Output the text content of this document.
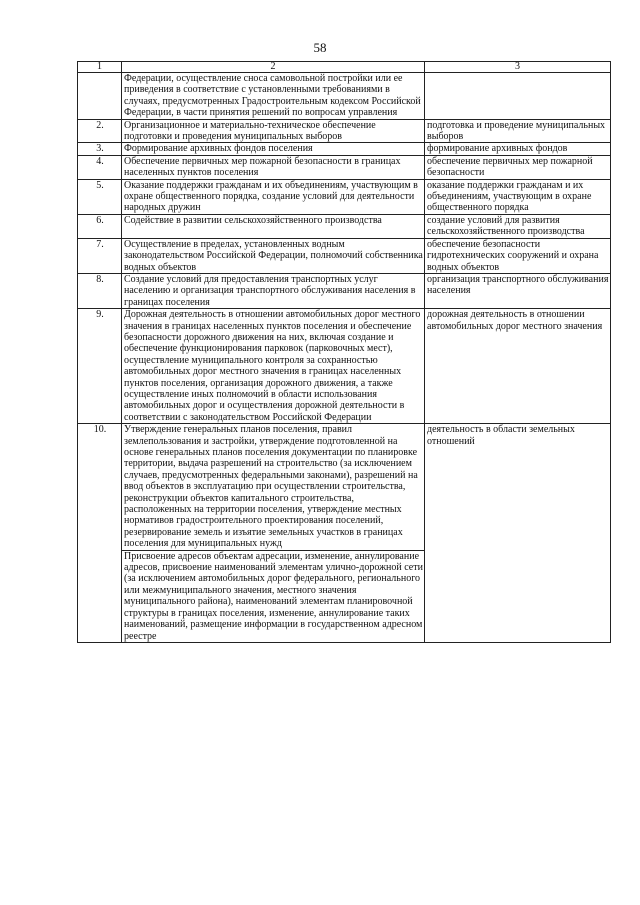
58
1	2	3
	Федерации, осуществление сноса самовольной постройки или ее приведения в соответствие с установленными требованиями в случаях, предусмотренных Градостроительным кодексом Российской Федерации, в части принятия решений по вопросам управления	
2.	Организационное и материально-техническое обеспечение подготовки и проведения муниципальных выборов	подготовка и проведение муниципальных выборов
3.	Формирование архивных фондов поселения	формирование архивных фондов
4.	Обеспечение первичных мер пожарной безопасности в границах населенных пунктов поселения	обеспечение первичных мер пожарной безопасности
5.	Оказание поддержки гражданам и их объединениям, участвующим в охране общественного порядка, создание условий для деятельности народных дружин	оказание поддержки гражданам и их объединениям, участвующим в охране общественного порядка
6.	Содействие в развитии сельскохозяйственного производства	создание условий для развития сельскохозяйственного производства
7.	Осуществление в пределах, установленных водным законодательством Российской Федерации, полномочий собственника водных объектов	обеспечение безопасности гидротехнических сооружений и охрана водных объектов
8.	Создание условий для предоставления транспортных услуг населению и организация транспортного обслуживания населения в границах поселения	организация транспортного обслуживания населения
9.	Дорожная деятельность в отношении автомобильных дорог местного значения в границах населенных пунктов поселения и обеспечение безопасности дорожного движения на них, включая создание и обеспечение функционирования парковок (парковочных мест), осуществление муниципального контроля за сохранностью автомобильных дорог местного значения в границах населенных пунктов поселения, организация дорожного движения, а также осуществление иных полномочий в области использования автомобильных дорог и осуществления дорожной деятельности в соответствии с законодательством Российской Федерации	дорожная деятельность в отношении автомобильных дорог местного значения
10.	Утверждение генеральных планов поселения, правил землепользования и застройки, утверждение подготовленной на основе генеральных планов поселения документации по планировке территории, выдача разрешений на строительство (за исключением случаев, предусмотренных федеральными законами), разрешений на ввод объектов в эксплуатацию при осуществлении строительства, реконструкции объектов капитального строительства, расположенных на территории поселения, утверждение местных нормативов градостроительного проектирования поселений, резервирование земель и изъятие земельных участков в границах поселения для муниципальных нужд
Присвоение адресов объектам адресации, изменение, аннулирование адресов, присвоение наименований элементам улично-дорожной сети (за исключением автомобильных дорог федерального, регионального или межмуниципального значения, местного значения муниципального района), наименований элементам планировочной структуры в границах поселения, изменение, аннулирование таких наименований, размещение информации в государственном адресном реестре	деятельность в области земельных отношений
